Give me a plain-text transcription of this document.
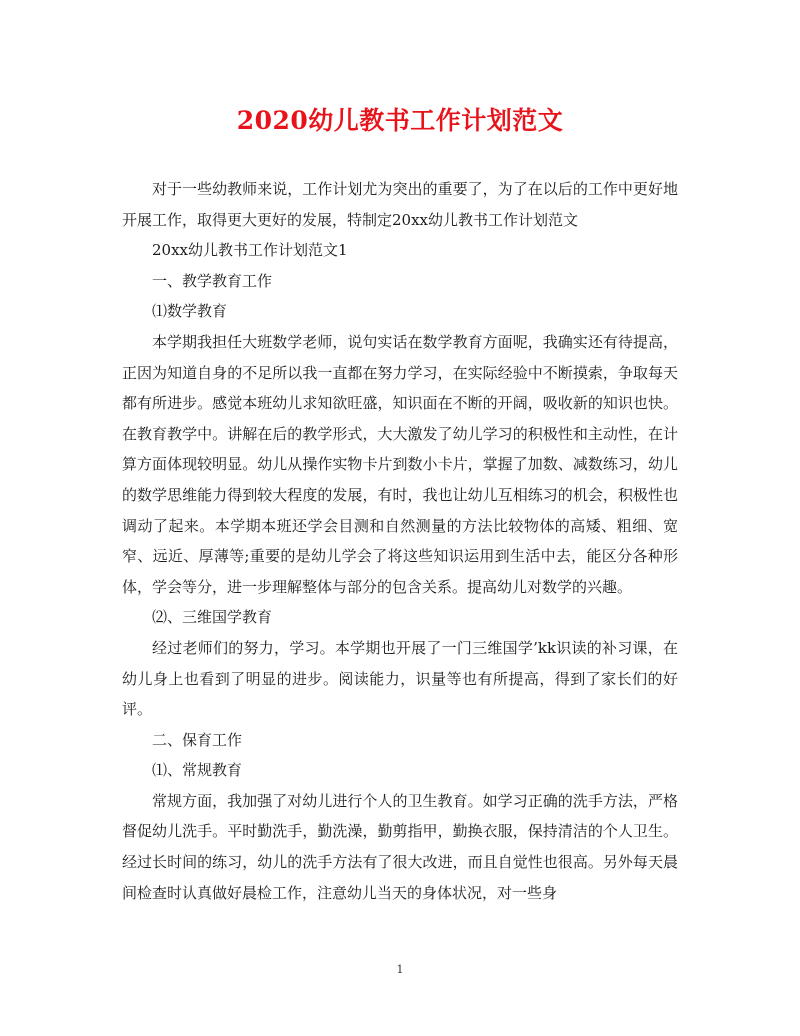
2020幼儿教书工作计划范文

对于一些幼教师来说，工作计划尤为突出的重要了，为了在以后的工作中更好地开展工作，取得更大更好的发展，特制定20xx幼儿教书工作计划范文

20xx幼儿教书工作计划范文1

一、教学教育工作

⑴数学教育

本学期我担任大班数学老师，说句实话在数学教育方面呢，我确实还有待提高，正因为知道自身的不足所以我一直都在努力学习，在实际经验中不断摸索，争取每天都有所进步。感觉本班幼儿求知欲旺盛，知识面在不断的开阔，吸收新的知识也快。在教育教学中。讲解在后的教学形式，大大激发了幼儿学习的积极性和主动性，在计算方面体现较明显。幼儿从操作实物卡片到数小卡片，掌握了加数、减数练习，幼儿的数学思维能力得到较大程度的发展，有时，我也让幼儿互相练习的机会，积极性也调动了起来。本学期本班还学会目测和自然测量的方法比较物体的高矮、粗细、宽窄、远近、厚薄等;重要的是幼儿学会了将这些知识运用到生活中去，能区分各种形体，学会等分，进一步理解整体与部分的包含关系。提高幼儿对数学的兴趣。

⑵、三维国学教育

经过老师们的努力，学习。本学期也开展了一门三维国学’kk识读的补习课，在幼儿身上也看到了明显的进步。阅读能力，识量等也有所提高，得到了家长们的好评。

二、保育工作

⑴、常规教育

常规方面，我加强了对幼儿进行个人的卫生教育。如学习正确的洗手方法，严格督促幼儿洗手。平时勤洗手，勤洗澡，勤剪指甲，勤换衣服，保持清洁的个人卫生。经过长时间的练习，幼儿的洗手方法有了很大改进，而且自觉性也很高。另外每天晨间检查时认真做好晨检工作，注意幼儿当天的身体状况，对一些身

1
